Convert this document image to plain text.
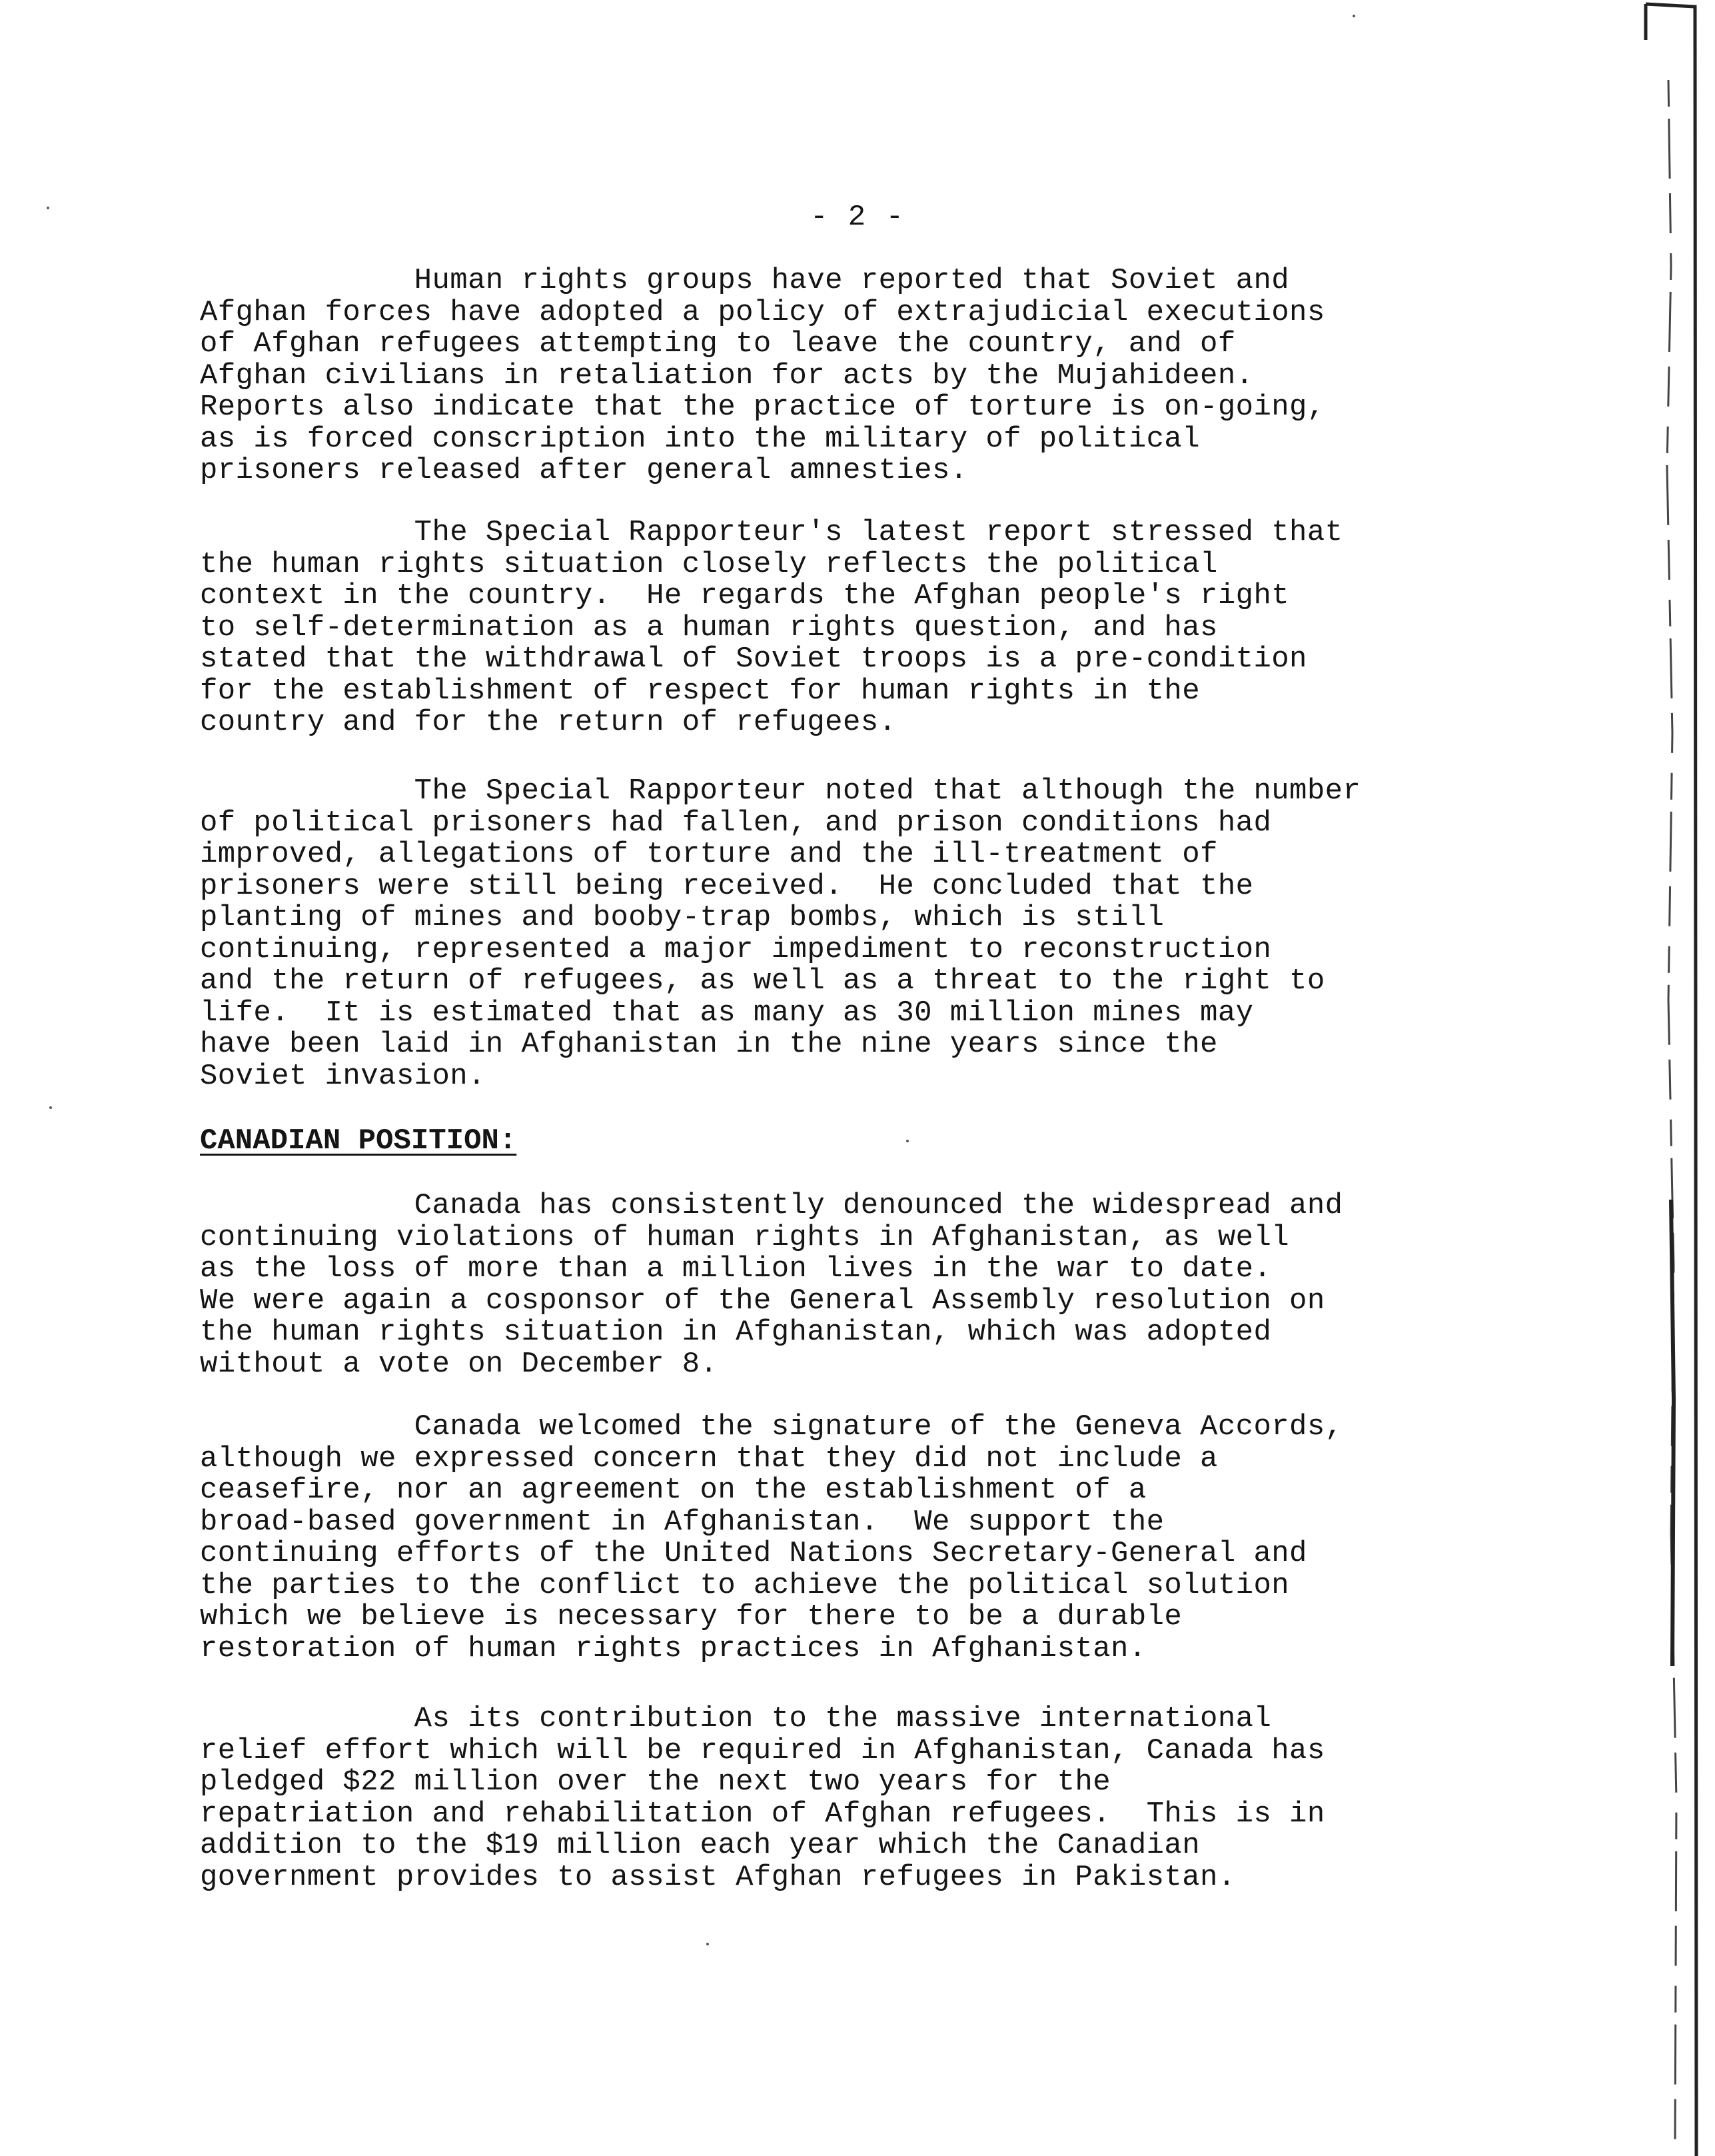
- 2 -

Human rights groups have reported that Soviet and
Afghan forces have adopted a policy of extrajudicial executions
of Afghan refugees attempting to leave the country, and of
Afghan civilians in retaliation for acts by the Mujahideen.
Reports also indicate that the practice of torture is on-going,
as is forced conscription into the military of political
prisoners released after general amnesties.

The Special Rapporteur's latest report stressed that
the human rights situation closely reflects the political
context in the country.  He regards the Afghan people's right
to self-determination as a human rights question, and has
stated that the withdrawal of Soviet troops is a pre-condition
for the establishment of respect for human rights in the
country and for the return of refugees.

The Special Rapporteur noted that although the number
of political prisoners had fallen, and prison conditions had
improved, allegations of torture and the ill-treatment of
prisoners were still being received.  He concluded that the
planting of mines and booby-trap bombs, which is still
continuing, represented a major impediment to reconstruction
and the return of refugees, as well as a threat to the right to
life.  It is estimated that as many as 30 million mines may
have been laid in Afghanistan in the nine years since the
Soviet invasion.

CANADIAN POSITION:

Canada has consistently denounced the widespread and
continuing violations of human rights in Afghanistan, as well
as the loss of more than a million lives in the war to date.
We were again a cosponsor of the General Assembly resolution on
the human rights situation in Afghanistan, which was adopted
without a vote on December 8.

Canada welcomed the signature of the Geneva Accords,
although we expressed concern that they did not include a
ceasefire, nor an agreement on the establishment of a
broad-based government in Afghanistan.  We support the
continuing efforts of the United Nations Secretary-General and
the parties to the conflict to achieve the political solution
which we believe is necessary for there to be a durable
restoration of human rights practices in Afghanistan.

As its contribution to the massive international
relief effort which will be required in Afghanistan, Canada has
pledged $22 million over the next two years for the
repatriation and rehabilitation of Afghan refugees.  This is in
addition to the $19 million each year which the Canadian
government provides to assist Afghan refugees in Pakistan.
